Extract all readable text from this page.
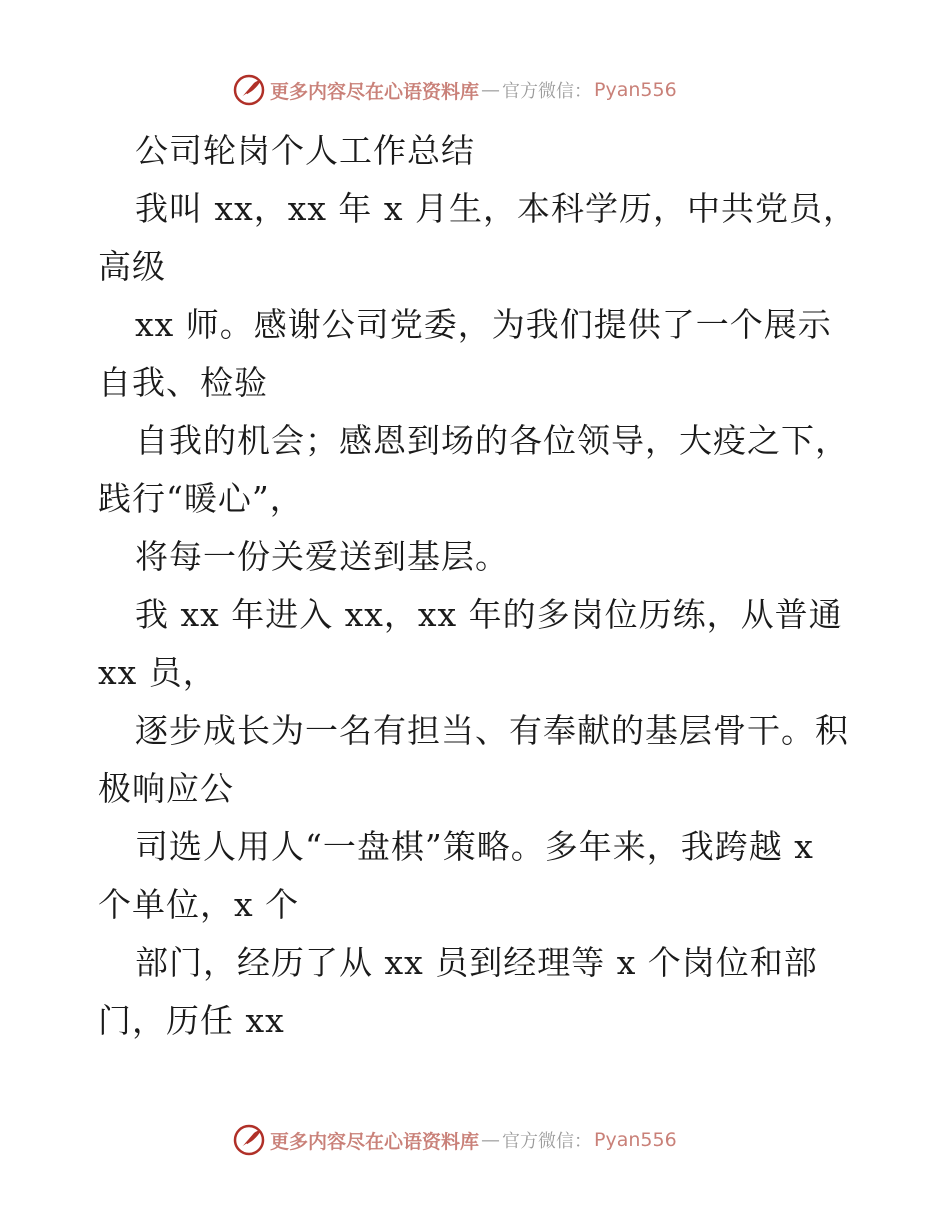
更多内容尽在心语资料库 — 官方微信： Pyan556
公司轮岗个人工作总结
我叫 xx，xx 年 x 月生，本科学历，中共党员，
高级
xx 师。感谢公司党委，为我们提供了一个展示
自我、检验
自我的机会；感恩到场的各位领导，大疫之下，
践行“暖心”，
将每一份关爱送到基层。
我 xx 年进入 xx，xx 年的多岗位历练，从普通
xx 员，
逐步成长为一名有担当、有奉献的基层骨干。积
极响应公
司选人用人“一盘棋”策略。多年来，我跨越 x
个单位，x 个
部门，经历了从 xx 员到经理等 x 个岗位和部
门，历任 xx
更多内容尽在心语资料库 — 官方微信： Pyan556
